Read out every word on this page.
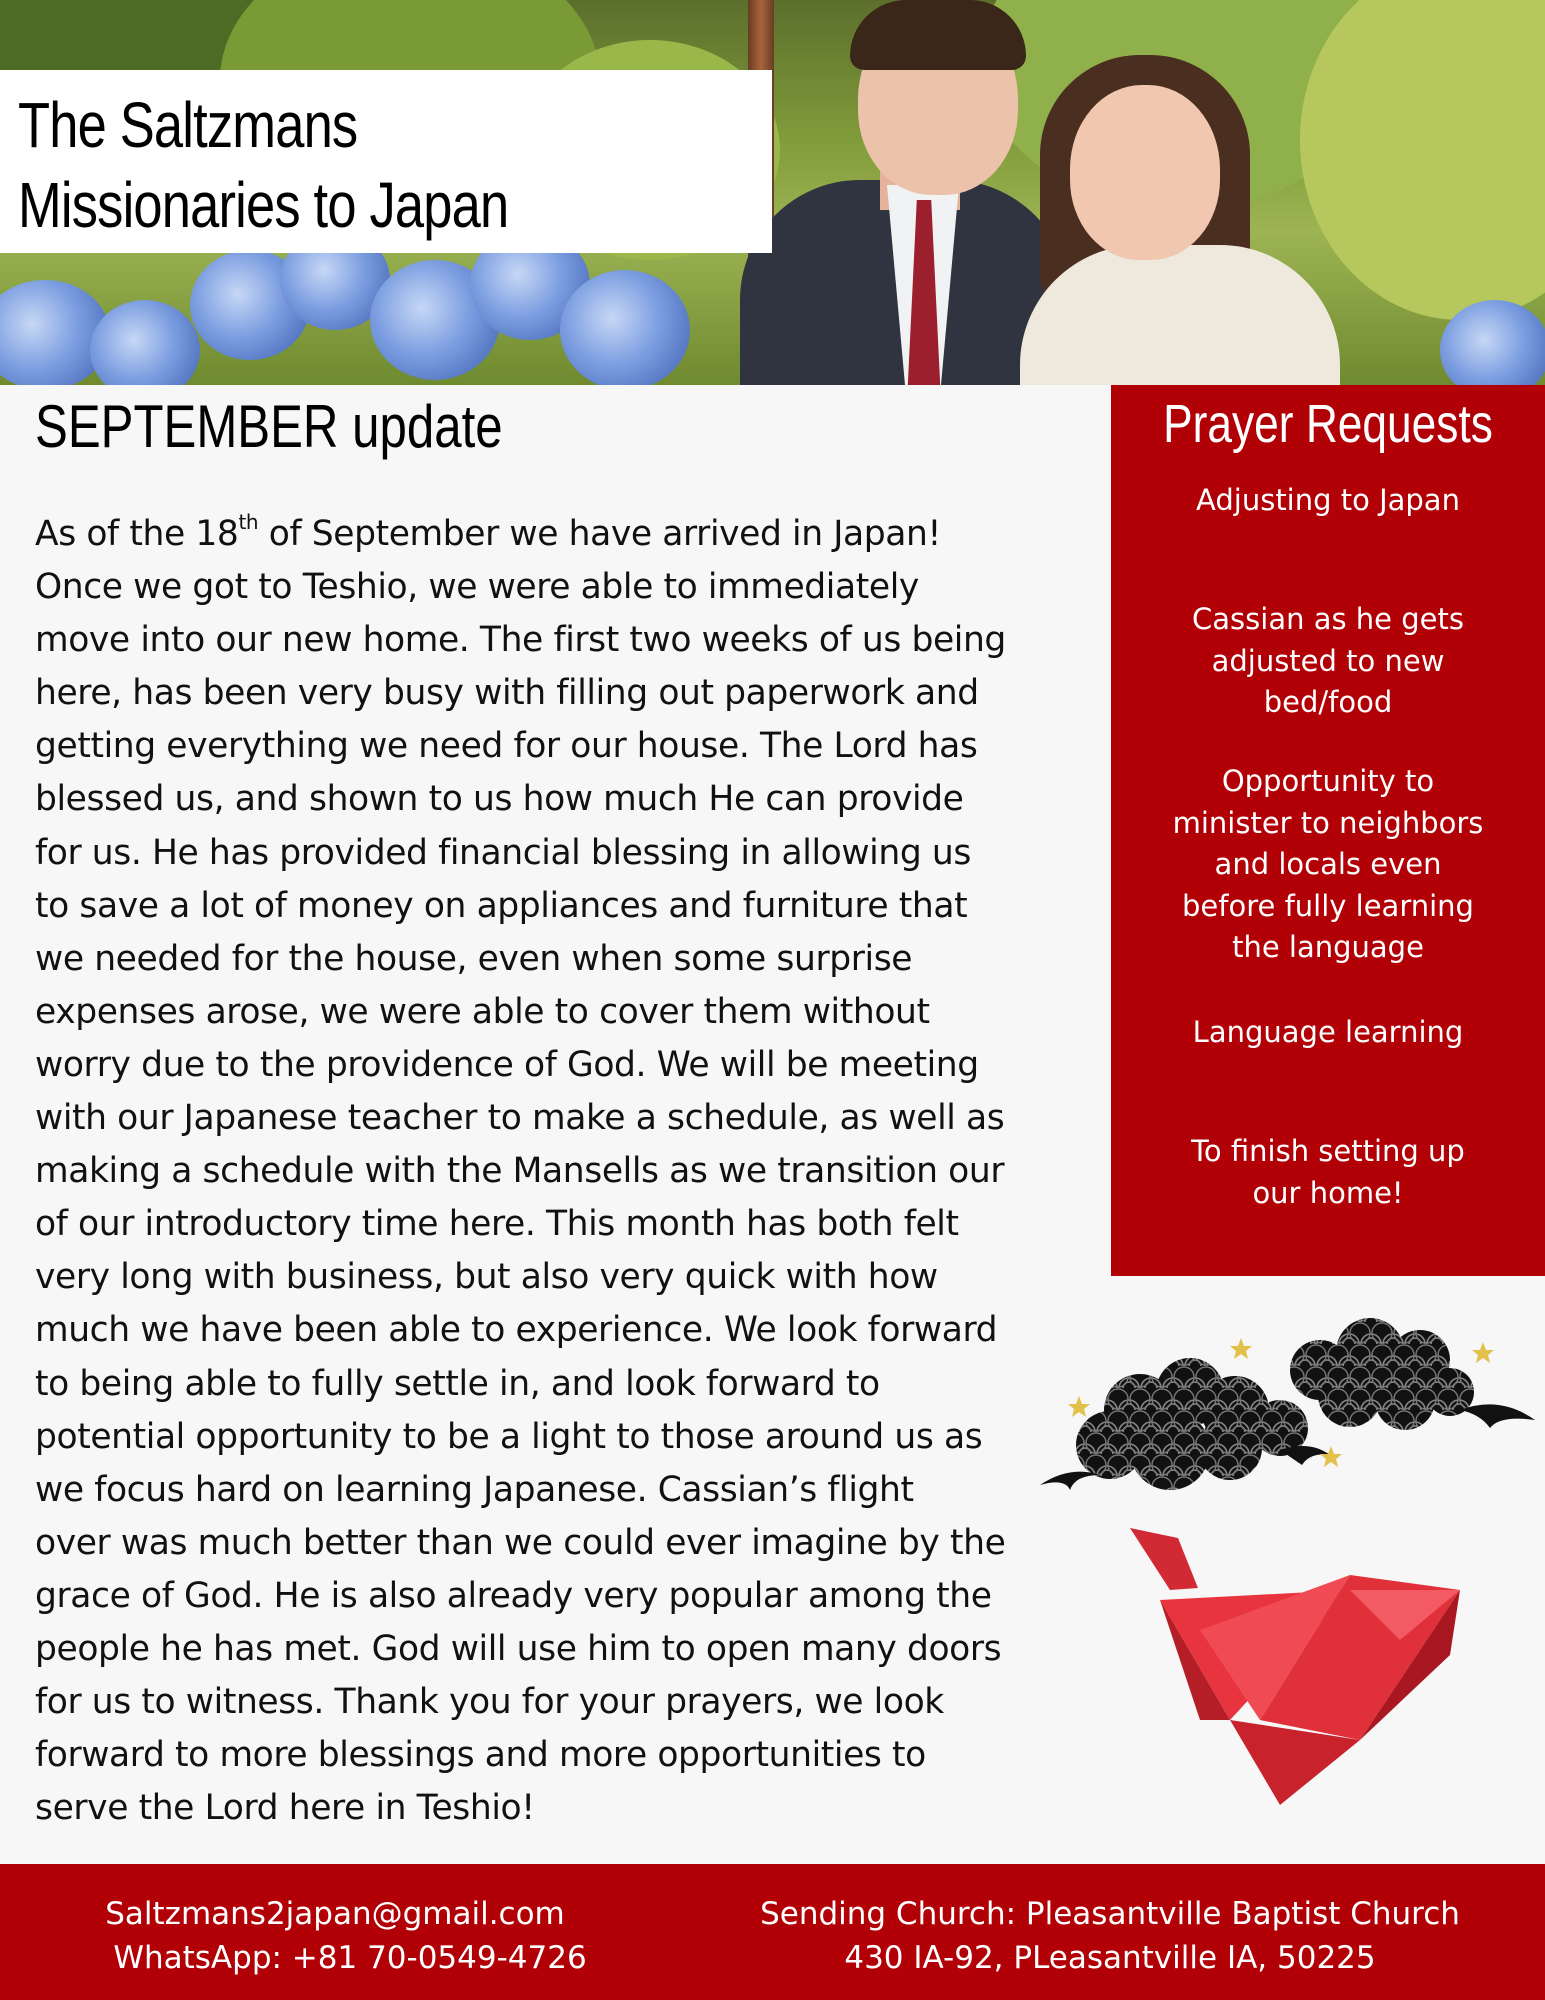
The Saltzmans
Missionaries to Japan
SEPTEMBER update
As of the 18th of September we have arrived in Japan!
Once we got to Teshio, we were able to immediately
move into our new home. The first two weeks of us being
here, has been very busy with filling out paperwork and
getting everything we need for our house. The Lord has
blessed us, and shown to us how much He can provide
for us. He has provided financial blessing in allowing us
to save a lot of money on appliances and furniture that
we needed for the house, even when some surprise
expenses arose, we were able to cover them without
worry due to the providence of God. We will be meeting
with our Japanese teacher to make a schedule, as well as
making a schedule with the Mansells as we transition our
of our introductory time here. This month has both felt
very long with business, but also very quick with how
much we have been able to experience. We look forward
to being able to fully settle in, and look forward to
potential opportunity to be a light to those around us as
we focus hard on learning Japanese. Cassian’s flight
over was much better than we could ever imagine by the
grace of God. He is also already very popular among the
people he has met. God will use him to open many doors
for us to witness. Thank you for your prayers, we look
forward to more blessings and more opportunities to
serve the Lord here in Teshio!
Prayer Requests
Adjusting to Japan
Cassian as he gets
adjusted to new
bed/food
Opportunity to
minister to neighbors
and locals even
before fully learning
the language
Language learning
To finish setting up
our home!
Saltzmans2japan@gmail.com
WhatsApp: +81 70-0549-4726
Sending Church: Pleasantville Baptist Church
430 IA-92, PLeasantville IA, 50225
